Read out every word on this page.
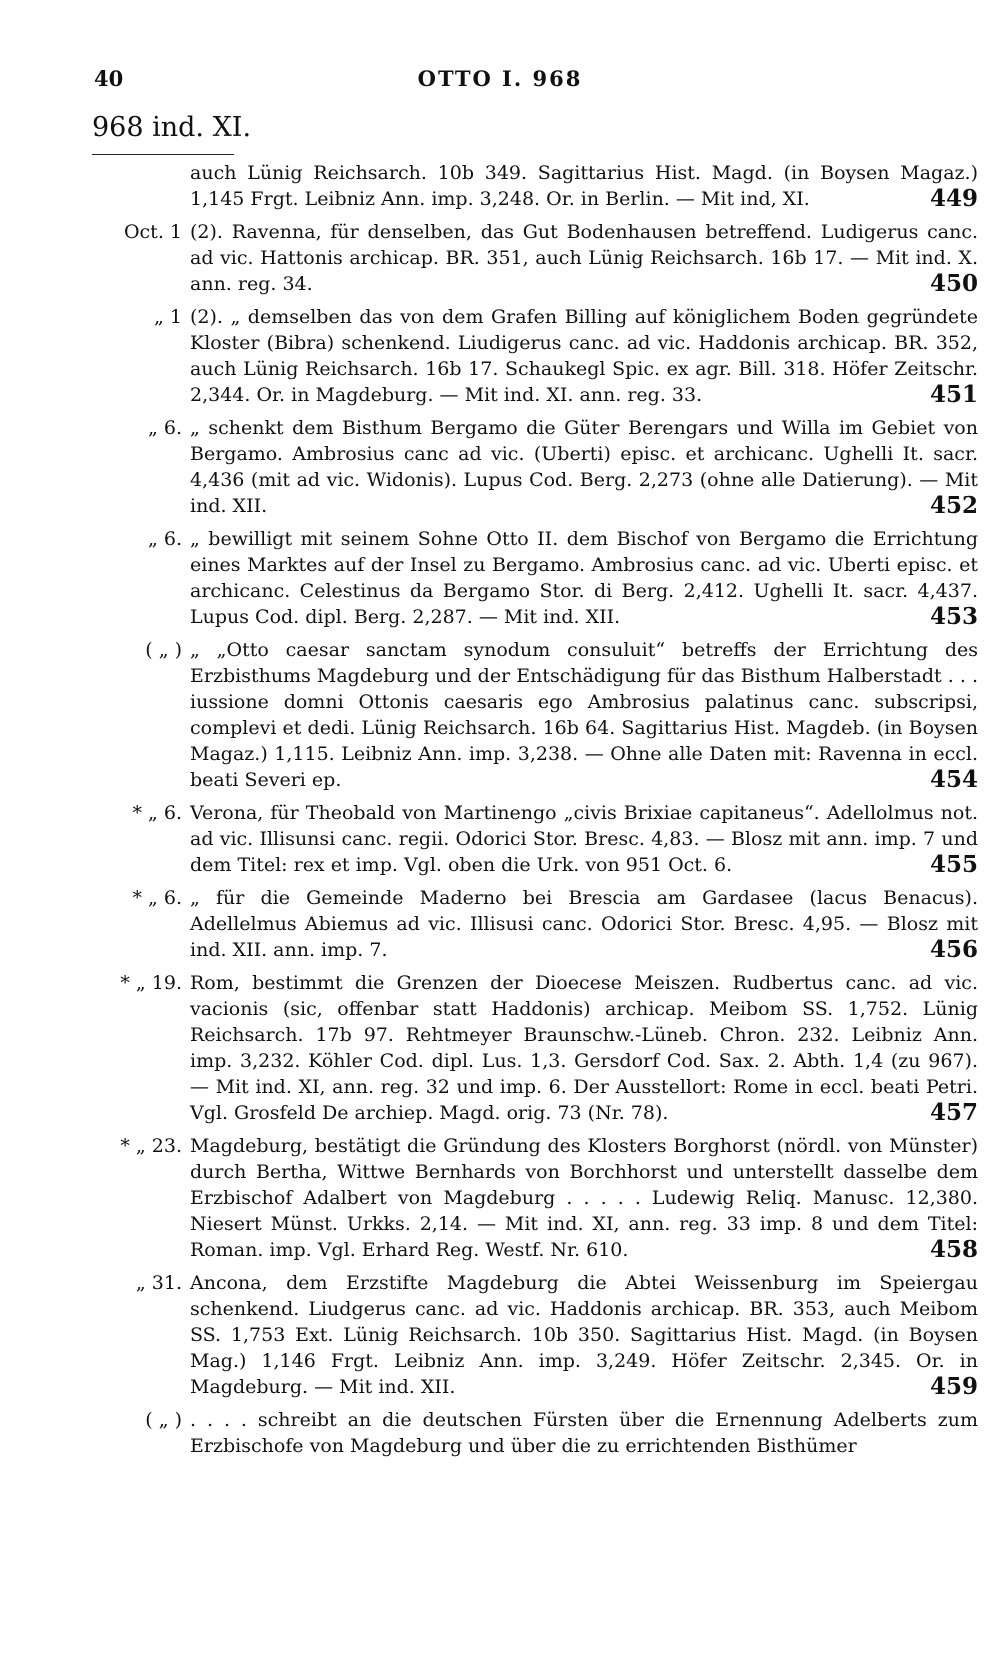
40	OTTO I. 968
968 ind. XI.

auch Lünig Reichsarch. 10b 349. Sagittarius Hist. Magd. (in Boysen Magaz.) 1,145 Frgt. Leibniz Ann. imp. 3,248. Or. in Berlin. — Mit ind, XI.	449

Oct. 1 (2). Ravenna, für denselben, das Gut Bodenhausen betreffend. Ludigerus canc. ad vic. Hattonis archicap. BR. 351, auch Lünig Reichsarch. 16b 17. — Mit ind. X. ann. reg. 34.	450

„ 1 (2). „ demselben das von dem Grafen Billing auf königlichem Boden gegründete Kloster (Bibra) schenkend. Liudigerus canc. ad vic. Haddonis archicap. BR. 352, auch Lünig Reichsarch. 16b 17. Schaukegl Spic. ex agr. Bill. 318. Höfer Zeitschr. 2,344. Or. in Magdeburg. — Mit ind. XI. ann. reg. 33.	451

„ 6. „ schenkt dem Bisthum Bergamo die Güter Berengars und Willa im Gebiet von Bergamo. Ambrosius canc ad vic. (Uberti) episc. et archicanc. Ughelli It. sacr. 4,436 (mit ad vic. Widonis). Lupus Cod. Berg. 2,273 (ohne alle Datierung). — Mit ind. XII.	452

„ 6. „ bewilligt mit seinem Sohne Otto II. dem Bischof von Bergamo die Errichtung eines Marktes auf der Insel zu Bergamo. Ambrosius canc. ad vic. Uberti episc. et archicanc. Celestinus da Bergamo Stor. di Berg. 2,412. Ughelli It. sacr. 4,437. Lupus Cod. dipl. Berg. 2,287. — Mit ind. XII.	453

( „ ) „ „Otto caesar sanctam synodum consuluit“ betreffs der Errichtung des Erzbisthums Magdeburg und der Entschädigung für das Bisthum Halberstadt . . . iussione domni Ottonis caesaris ego Ambrosius palatinus canc. subscripsi, complevi et dedi. Lünig Reichsarch. 16b 64. Sagittarius Hist. Magdeb. (in Boysen Magaz.) 1,115. Leibniz Ann. imp. 3,238. — Ohne alle Daten mit: Ravenna in eccl. beati Severi ep.	454

* „ 6. Verona, für Theobald von Martinengo „civis Brixiae capitaneus“. Adellolmus not. ad vic. Illisunsi canc. regii. Odorici Stor. Bresc. 4,83. — Blosz mit ann. imp. 7 und dem Titel: rex et imp. Vgl. oben die Urk. von 951 Oct. 6.	455

* „ 6. „ für die Gemeinde Maderno bei Brescia am Gardasee (lacus Benacus). Adellelmus Abiemus ad vic. Illisusi canc. Odorici Stor. Bresc. 4,95. — Blosz mit ind. XII. ann. imp. 7.	456

* „ 19. Rom, bestimmt die Grenzen der Dioecese Meiszen. Rudbertus canc. ad vic. vacionis (sic, offenbar statt Haddonis) archicap. Meibom SS. 1,752. Lünig Reichsarch. 17b 97. Rehtmeyer Braunschw.-Lüneb. Chron. 232. Leibniz Ann. imp. 3,232. Köhler Cod. dipl. Lus. 1,3. Gersdorf Cod. Sax. 2. Abth. 1,4 (zu 967). — Mit ind. XI, ann. reg. 32 und imp. 6. Der Ausstellort: Rome in eccl. beati Petri. Vgl. Grosfeld De archiep. Magd. orig. 73 (Nr. 78).	457

* „ 23. Magdeburg, bestätigt die Gründung des Klosters Borghorst (nördl. von Münster) durch Bertha, Wittwe Bernhards von Borchhorst und unterstellt dasselbe dem Erzbischof Adalbert von Magdeburg . . . . . Ludewig Reliq. Manusc. 12,380. Niesert Münst. Urkks. 2,14. — Mit ind. XI, ann. reg. 33 imp. 8 und dem Titel: Roman. imp. Vgl. Erhard Reg. Westf. Nr. 610.	458

„ 31. Ancona, dem Erzstifte Magdeburg die Abtei Weissenburg im Speiergau schenkend. Liudgerus canc. ad vic. Haddonis archicap. BR. 353, auch Meibom SS. 1,753 Ext. Lünig Reichsarch. 10b 350. Sagittarius Hist. Magd. (in Boysen Mag.) 1,146 Frgt. Leibniz Ann. imp. 3,249. Höfer Zeitschr. 2,345. Or. in Magdeburg. — Mit ind. XII.	459

( „ ) . . . . schreibt an die deutschen Fürsten über die Ernennung Adelberts zum Erzbischofe von Magdeburg und über die zu errichtenden Bisthümer
